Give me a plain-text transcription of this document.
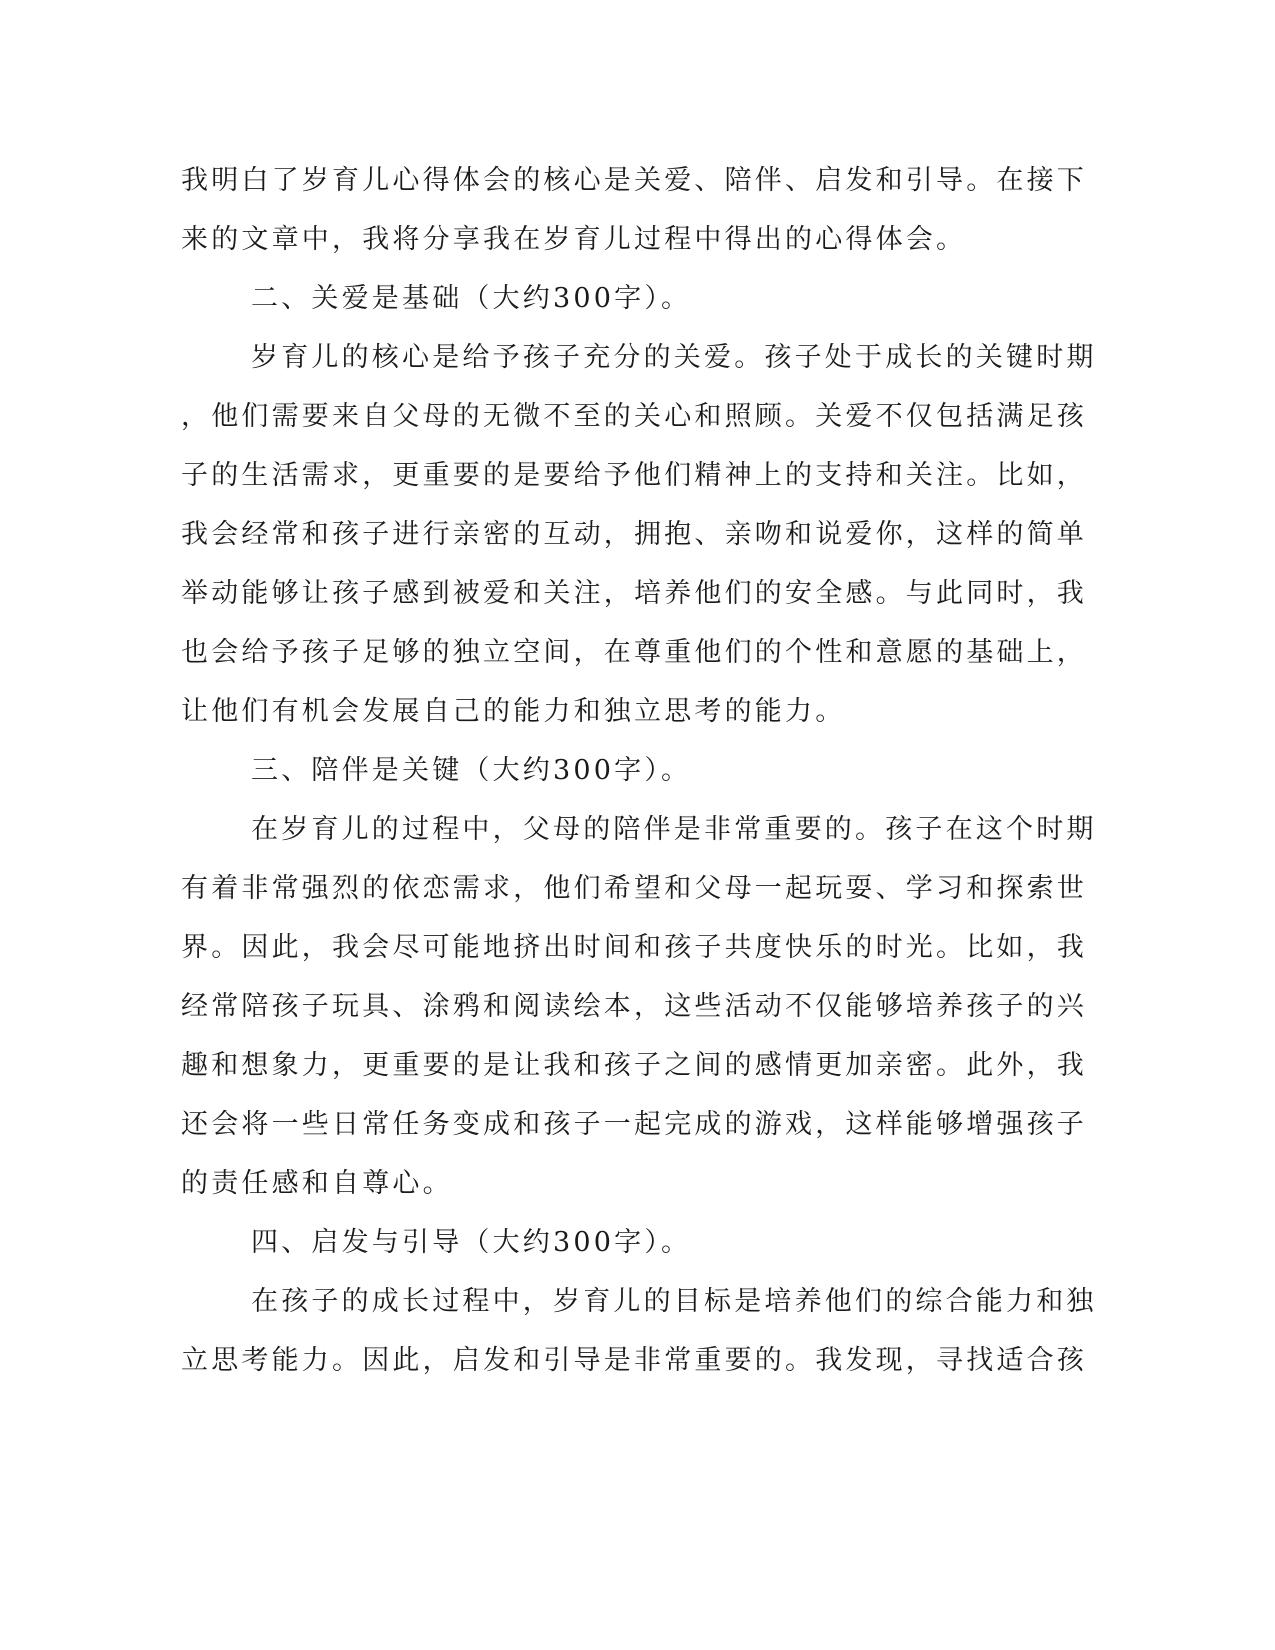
我明白了岁育儿心得体会的核心是关爱、陪伴、启发和引导。在接下
来的文章中，我将分享我在岁育儿过程中得出的心得体会。
二、关爱是基础（大约300字）。
岁育儿的核心是给予孩子充分的关爱。孩子处于成长的关键时期
，他们需要来自父母的无微不至的关心和照顾。关爱不仅包括满足孩
子的生活需求，更重要的是要给予他们精神上的支持和关注。比如，
我会经常和孩子进行亲密的互动，拥抱、亲吻和说爱你，这样的简单
举动能够让孩子感到被爱和关注，培养他们的安全感。与此同时，我
也会给予孩子足够的独立空间，在尊重他们的个性和意愿的基础上，
让他们有机会发展自己的能力和独立思考的能力。
三、陪伴是关键（大约300字）。
在岁育儿的过程中，父母的陪伴是非常重要的。孩子在这个时期
有着非常强烈的依恋需求，他们希望和父母一起玩耍、学习和探索世
界。因此，我会尽可能地挤出时间和孩子共度快乐的时光。比如，我
经常陪孩子玩具、涂鸦和阅读绘本，这些活动不仅能够培养孩子的兴
趣和想象力，更重要的是让我和孩子之间的感情更加亲密。此外，我
还会将一些日常任务变成和孩子一起完成的游戏，这样能够增强孩子
的责任感和自尊心。
四、启发与引导（大约300字）。
在孩子的成长过程中，岁育儿的目标是培养他们的综合能力和独
立思考能力。因此，启发和引导是非常重要的。我发现，寻找适合孩
